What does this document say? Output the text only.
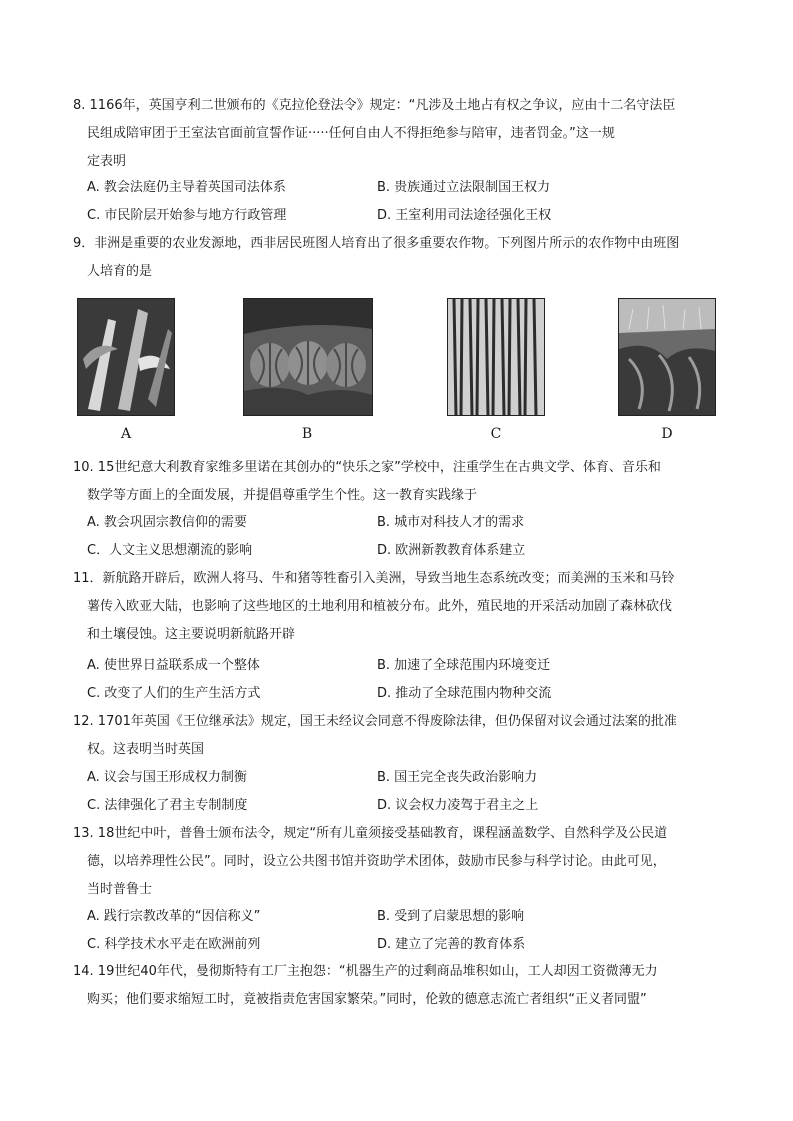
8. 1166年，英国亨利二世颁布的《克拉伦登法令》规定：“凡涉及土地占有权之争议，应由十二名守法臣
民组成陪审团于王室法官面前宣誓作证·····任何自由人不得拒绝参与陪审，违者罚金。”这一规
定表明
A. 教会法庭仍主导着英国司法体系	B. 贵族通过立法限制国王权力
C. 市民阶层开始参与地方行政管理	D. 王室利用司法途径强化王权
9．非洲是重要的农业发源地，西非居民班图人培育出了很多重要农作物。下列图片所示的农作物中由班图
人培育的是
A	B	C	D
10. 15世纪意大利教育家维多里诺在其创办的“快乐之家”学校中，注重学生在古典文学、体育、音乐和
数学等方面上的全面发展，并提倡尊重学生个性。这一教育实践缘于
A. 教会巩固宗教信仰的需要	B. 城市对科技人才的需求
C．人文主义思想潮流的影响	D. 欧洲新教教育体系建立
11．新航路开辟后，欧洲人将马、牛和猪等牲畜引入美洲，导致当地生态系统改变；而美洲的玉米和马铃
薯传入欧亚大陆，也影响了这些地区的土地利用和植被分布。此外，殖民地的开采活动加剧了森林砍伐
和土壤侵蚀。这主要说明新航路开辟
A. 使世界日益联系成一个整体	B. 加速了全球范围内环境变迁
C. 改变了人们的生产生活方式	D. 推动了全球范围内物种交流
12. 1701年英国《王位继承法》规定，国王未经议会同意不得废除法律，但仍保留对议会通过法案的批准
权。这表明当时英国
A. 议会与国王形成权力制衡	B. 国王完全丧失政治影响力
C. 法律强化了君主专制制度	D. 议会权力凌驾于君主之上
13. 18世纪中叶，普鲁士颁布法令，规定“所有儿童须接受基础教育，课程涵盖数学、自然科学及公民道
德，以培养理性公民”。同时，设立公共图书馆并资助学术团体，鼓励市民参与科学讨论。由此可见，
当时普鲁士
A. 践行宗教改革的“因信称义”	B. 受到了启蒙思想的影响
C. 科学技术水平走在欧洲前列	D. 建立了完善的教育体系
14. 19世纪40年代，曼彻斯特有工厂主抱怨：“机器生产的过剩商品堆积如山，工人却因工资微薄无力
购买；他们要求缩短工时，竟被指责危害国家繁荣。”同时，伦敦的德意志流亡者组织“正义者同盟”
